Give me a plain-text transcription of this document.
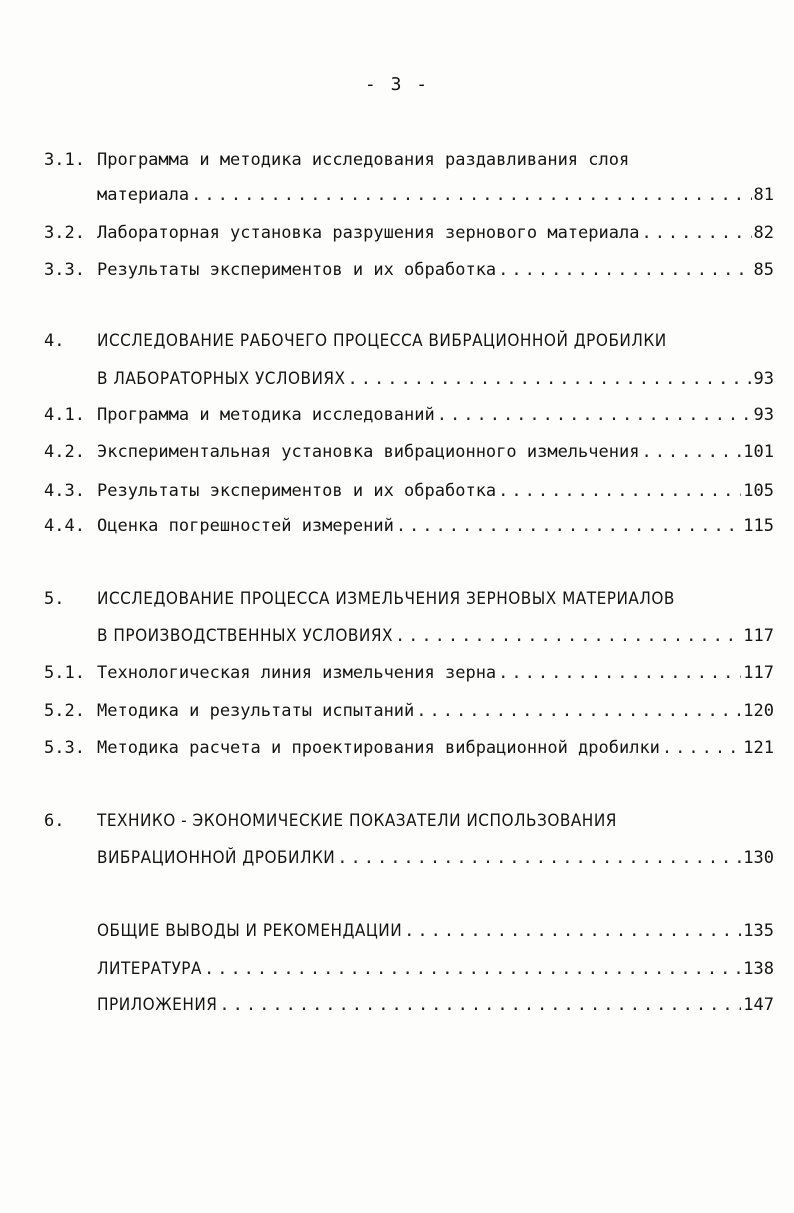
- 3 -
3.1. Программа и методика исследования раздавливания слоя
материала .....	81
3.2. Лабораторная установка разрушения зернового материала .....	82
3.3. Результаты экспериментов и их обработка .....	85
4. ИССЛЕДОВАНИЕ РАБОЧЕГО ПРОЦЕССА ВИБРАЦИОННОЙ ДРОБИЛКИ
В ЛАБОРАТОРНЫХ УСЛОВИЯХ .....	93
4.1. Программа и методика исследований .....	93
4.2. Экспериментальная установка вибрационного измельчения .....	101
4.3. Результаты экспериментов и их обработка .....	105
4.4. Оценка погрешностей измерений .....	115
5. ИССЛЕДОВАНИЕ ПРОЦЕССА ИЗМЕЛЬЧЕНИЯ ЗЕРНОВЫХ МАТЕРИАЛОВ
В ПРОИЗВОДСТВЕННЫХ УСЛОВИЯХ .....	117
5.1. Технологическая линия измельчения зерна .....	117
5.2. Методика и результаты испытаний .....	120
5.3. Методика расчета и проектирования вибрационной дробилки .....	121
6. ТЕХНИКО - ЭКОНОМИЧЕСКИЕ ПОКАЗАТЕЛИ ИСПОЛЬЗОВАНИЯ
ВИБРАЦИОННОЙ ДРОБИЛКИ .....	130
ОБЩИЕ ВЫВОДЫ И РЕКОМЕНДАЦИИ .....	135
ЛИТЕРАТУРА .....	138
ПРИЛОЖЕНИЯ .....	147
